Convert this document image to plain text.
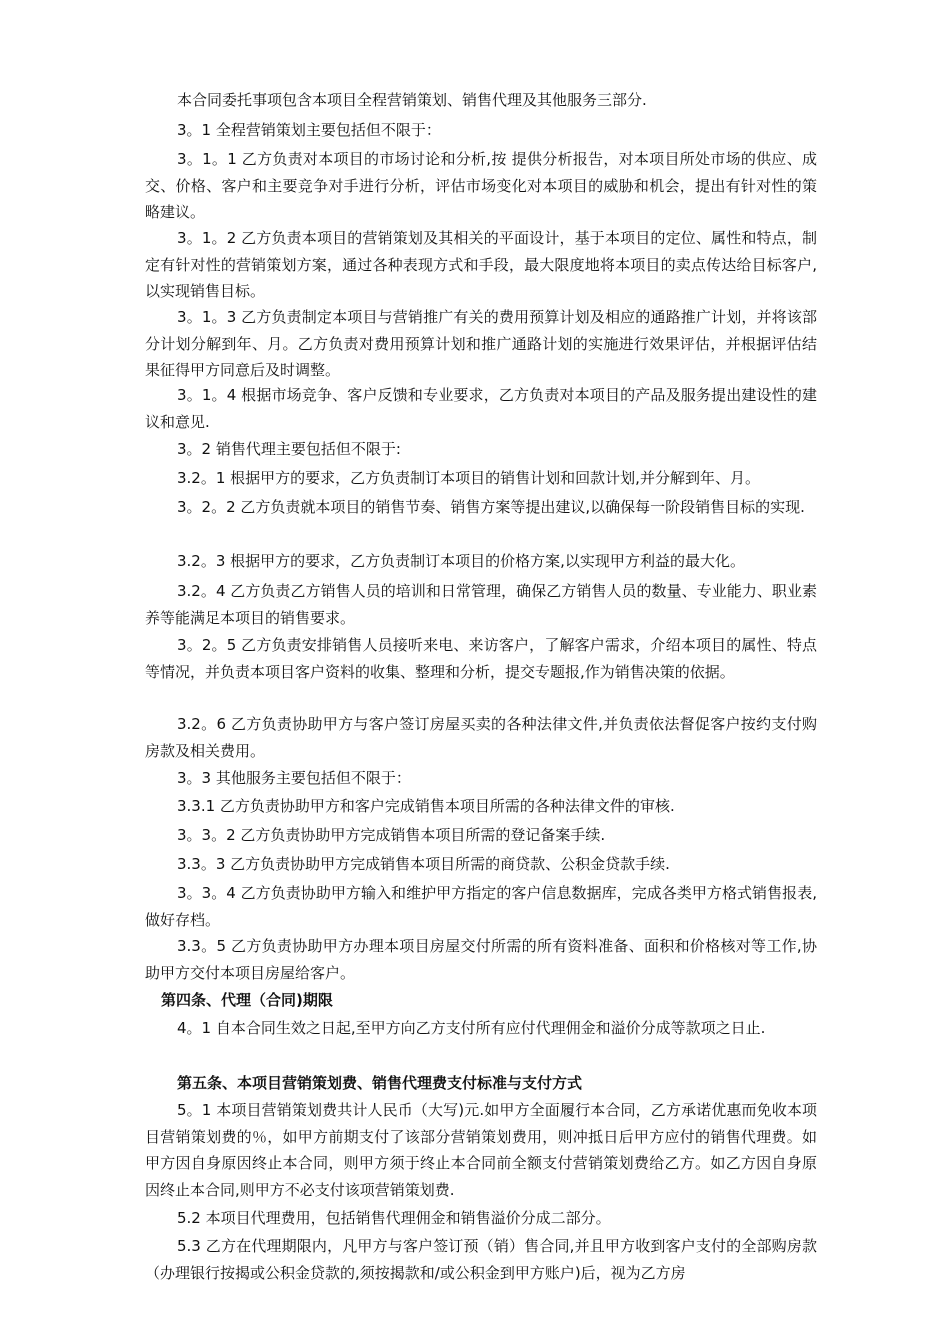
本合同委托事项包含本项目全程营销策划、销售代理及其他服务三部分.

3。1 全程营销策划主要包括但不限于：

3。1。1 乙方负责对本项目的市场讨论和分析,按 提供分析报告，对本项目所处市场的供应、成交、价格、客户和主要竞争对手进行分析，评估市场变化对本项目的威胁和机会，提出有针对性的策略建议。

3。1。2 乙方负责本项目的营销策划及其相关的平面设计，基于本项目的定位、属性和特点，制定有针对性的营销策划方案，通过各种表现方式和手段，最大限度地将本项目的卖点传达给目标客户,以实现销售目标。

3。1。3 乙方负责制定本项目与营销推广有关的费用预算计划及相应的通路推广计划，并将该部分计划分解到年、月。乙方负责对费用预算计划和推广通路计划的实施进行效果评估，并根据评估结果征得甲方同意后及时调整。

3。1。4 根据市场竞争、客户反馈和专业要求，乙方负责对本项目的产品及服务提出建设性的建议和意见.

3。2 销售代理主要包括但不限于:

3.2。1 根据甲方的要求，乙方负责制订本项目的销售计划和回款计划,并分解到年、月。

3。2。2 乙方负责就本项目的销售节奏、销售方案等提出建议,以确保每一阶段销售目标的实现.

3.2。3 根据甲方的要求，乙方负责制订本项目的价格方案,以实现甲方利益的最大化。

3.2。4 乙方负责乙方销售人员的培训和日常管理，确保乙方销售人员的数量、专业能力、职业素养等能满足本项目的销售要求。

3。2。5 乙方负责安排销售人员接听来电、来访客户，了解客户需求，介绍本项目的属性、特点等情况，并负责本项目客户资料的收集、整理和分析，提交专题报,作为销售决策的依据。

3.2。6 乙方负责协助甲方与客户签订房屋买卖的各种法律文件,并负责依法督促客户按约支付购房款及相关费用。

3。3 其他服务主要包括但不限于：

3.3.1 乙方负责协助甲方和客户完成销售本项目所需的各种法律文件的审核.

3。3。2 乙方负责协助甲方完成销售本项目所需的登记备案手续.

3.3。3 乙方负责协助甲方完成销售本项目所需的商贷款、公积金贷款手续.

3。3。4 乙方负责协助甲方输入和维护甲方指定的客户信息数据库，完成各类甲方格式销售报表,做好存档。

3.3。5 乙方负责协助甲方办理本项目房屋交付所需的所有资料准备、面积和价格核对等工作,协助甲方交付本项目房屋给客户。

第四条、代理（合同)期限

4。1 自本合同生效之日起,至甲方向乙方支付所有应付代理佣金和溢价分成等款项之日止.

第五条、本项目营销策划费、销售代理费支付标准与支付方式

5。1 本项目营销策划费共计人民币（大写)元.如甲方全面履行本合同，乙方承诺优惠而免收本项目营销策划费的％，如甲方前期支付了该部分营销策划费用，则冲抵日后甲方应付的销售代理费。如甲方因自身原因终止本合同，则甲方须于终止本合同前全额支付营销策划费给乙方。如乙方因自身原因终止本合同,则甲方不必支付该项营销策划费.

5.2 本项目代理费用，包括销售代理佣金和销售溢价分成二部分。

5.3 乙方在代理期限内，凡甲方与客户签订预（销）售合同,并且甲方收到客户支付的全部购房款（办理银行按揭或公积金贷款的,须按揭款和/或公积金到甲方账户)后，视为乙方房
